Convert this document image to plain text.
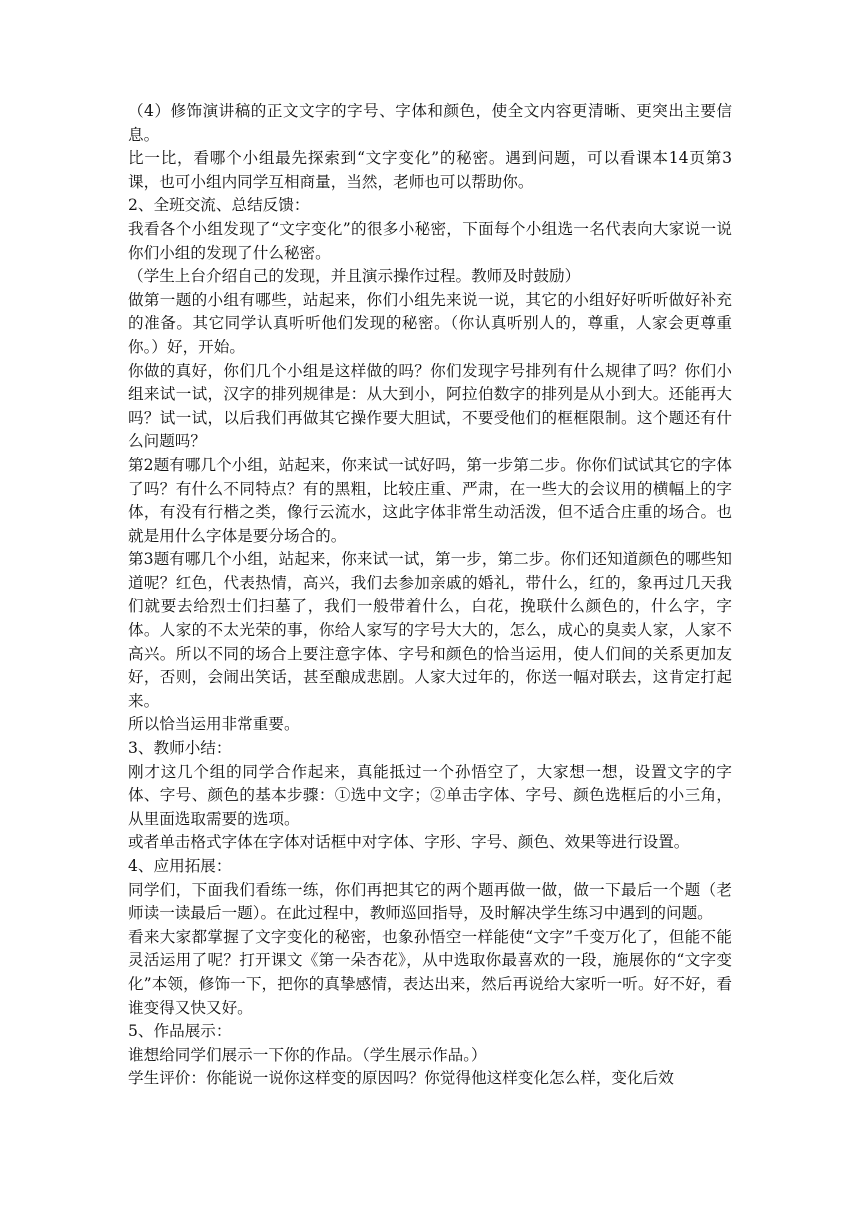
（4）修饰演讲稿的正文文字的字号、字体和颜色，使全文内容更清晰、更突出主要信息。

比一比，看哪个小组最先探索到“文字变化”的秘密。遇到问题，可以看课本14页第3课，也可小组内同学互相商量，当然，老师也可以帮助你。

2、全班交流、总结反馈：

我看各个小组发现了“文字变化”的很多小秘密，下面每个小组选一名代表向大家说一说你们小组的发现了什么秘密。

（学生上台介绍自己的发现，并且演示操作过程。教师及时鼓励）

做第一题的小组有哪些，站起来，你们小组先来说一说，其它的小组好好听听做好补充的准备。其它同学认真听听他们发现的秘密。（你认真听别人的，尊重，人家会更尊重你。）好，开始。

你做的真好，你们几个小组是这样做的吗？你们发现字号排列有什么规律了吗？你们小组来试一试，汉字的排列规律是：从大到小，阿拉伯数字的排列是从小到大。还能再大吗？试一试，以后我们再做其它操作要大胆试，不要受他们的框框限制。这个题还有什么问题吗？

第2题有哪几个小组，站起来，你来试一试好吗，第一步第二步。你你们试试其它的字体了吗？有什么不同特点？有的黑粗，比较庄重、严肃，在一些大的会议用的横幅上的字体，有没有行楷之类，像行云流水，这此字体非常生动活泼，但不适合庄重的场合。也就是用什么字体是要分场合的。

第3题有哪几个小组，站起来，你来试一试，第一步，第二步。你们还知道颜色的哪些知道呢？红色，代表热情，高兴，我们去参加亲戚的婚礼，带什么，红的，象再过几天我们就要去给烈士们扫墓了，我们一般带着什么，白花，挽联什么颜色的，什么字，字体。人家的不太光荣的事，你给人家写的字号大大的，怎么，成心的臭卖人家，人家不高兴。所以不同的场合上要注意字体、字号和颜色的恰当运用，使人们间的关系更加友好，否则，会闹出笑话，甚至酿成悲剧。人家大过年的，你送一幅对联去，这肯定打起来。

所以恰当运用非常重要。

3、教师小结：

刚才这几个组的同学合作起来，真能抵过一个孙悟空了，大家想一想，设置文字的字体、字号、颜色的基本步骤：①选中文字；②单击字体、字号、颜色选框后的小三角，从里面选取需要的选项。

或者单击格式字体在字体对话框中对字体、字形、字号、颜色、效果等进行设置。

4、应用拓展：

同学们，下面我们看练一练，你们再把其它的两个题再做一做，做一下最后一个题（老师读一读最后一题）。在此过程中，教师巡回指导，及时解决学生练习中遇到的问题。

看来大家都掌握了文字变化的秘密，也象孙悟空一样能使“文字”千变万化了，但能不能灵活运用了呢？打开课文《第一朵杏花》，从中选取你最喜欢的一段，施展你的“文字变化”本领，修饰一下，把你的真挚感情，表达出来，然后再说给大家听一听。好不好，看谁变得又快又好。

5、作品展示：

谁想给同学们展示一下你的作品。（学生展示作品。）

学生评价：你能说一说你这样变的原因吗？你觉得他这样变化怎么样，变化后效
